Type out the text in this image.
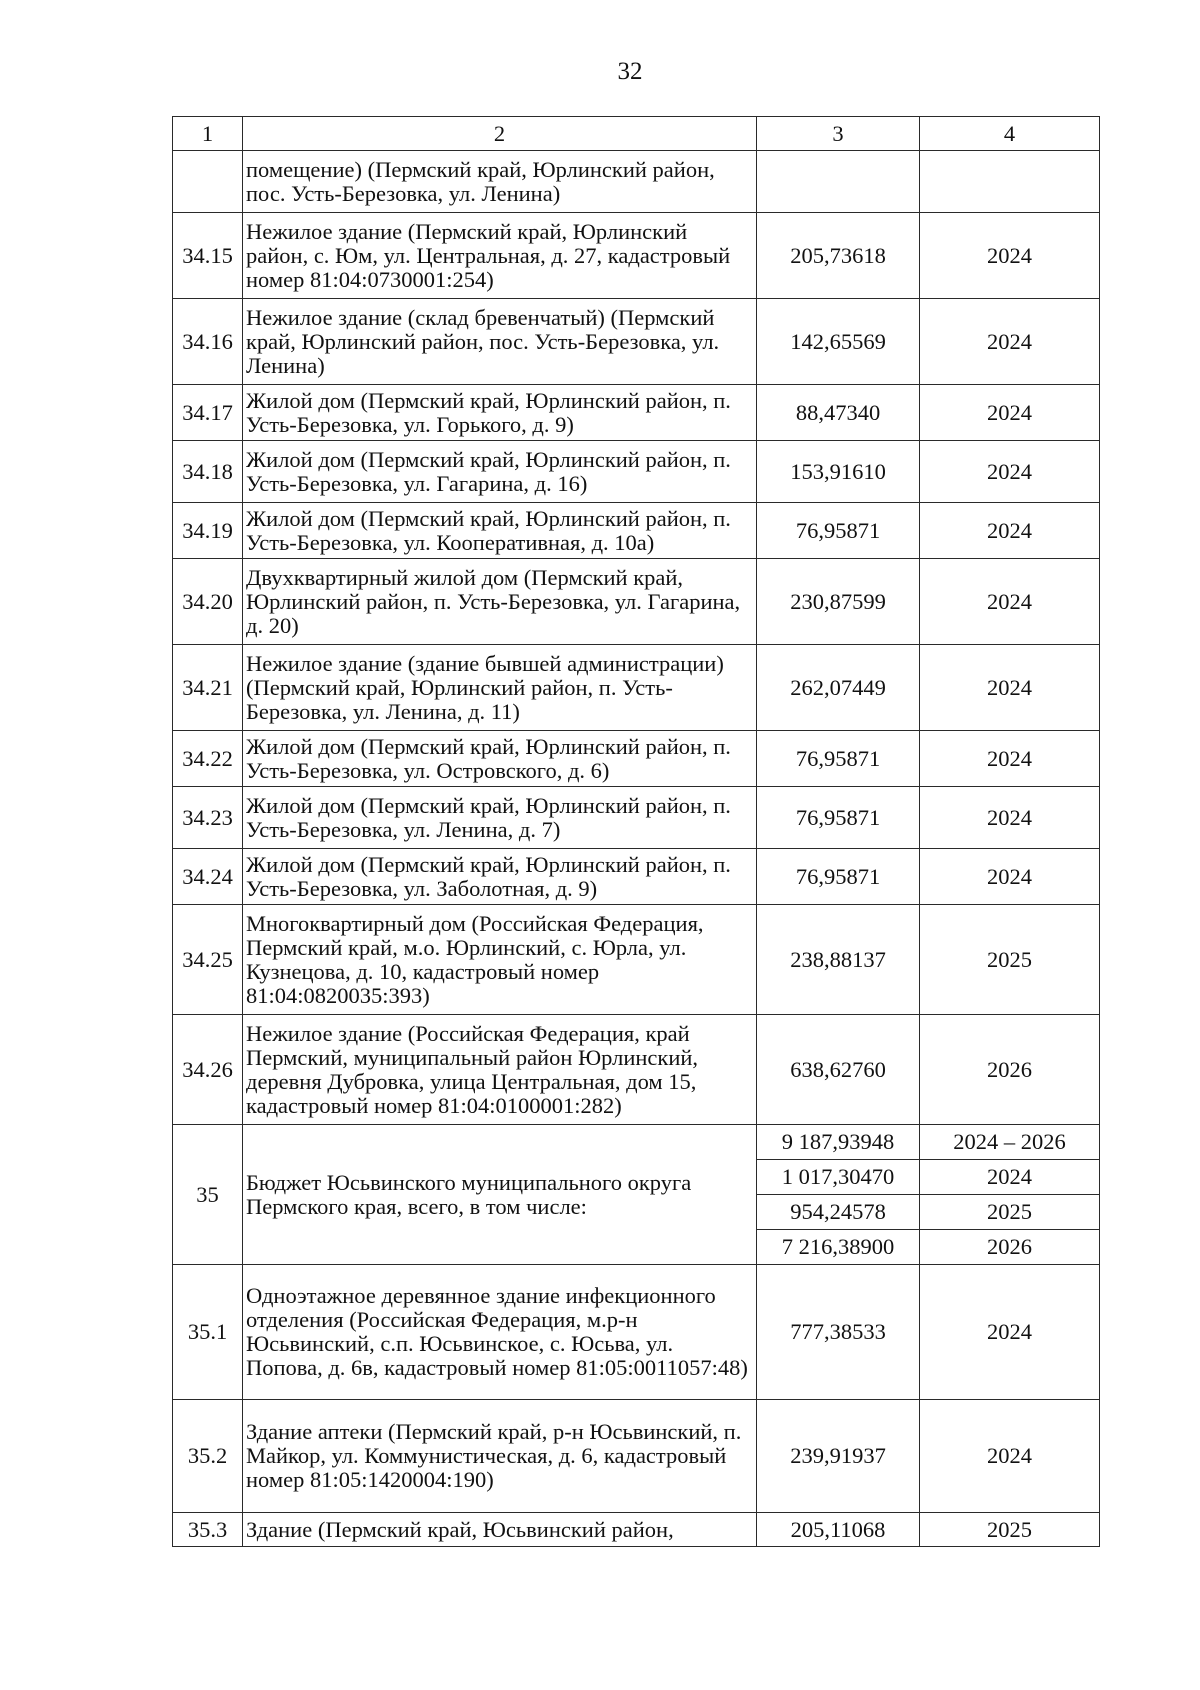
32
1	2	3	4
	помещение) (Пермский край, Юрлинский район, пос. Усть-Березовка, ул. Ленина)		
34.15	Нежилое здание (Пермский край, Юрлинский район, с. Юм, ул. Центральная, д. 27, кадастровый номер 81:04:0730001:254)	205,73618	2024
34.16	Нежилое здание (склад бревенчатый) (Пермский край, Юрлинский район, пос. Усть-Березовка, ул. Ленина)	142,65569	2024
34.17	Жилой дом (Пермский край, Юрлинский район, п. Усть-Березовка, ул. Горького, д. 9)	88,47340	2024
34.18	Жилой дом (Пермский край, Юрлинский район, п. Усть-Березовка, ул. Гагарина, д. 16)	153,91610	2024
34.19	Жилой дом (Пермский край, Юрлинский район, п. Усть-Березовка, ул. Кооперативная, д. 10а)	76,95871	2024
34.20	Двухквартирный жилой дом (Пермский край, Юрлинский район, п. Усть-Березовка, ул. Гагарина, д. 20)	230,87599	2024
34.21	Нежилое здание (здание бывшей администрации) (Пермский край, Юрлинский район, п. Усть-Березовка, ул. Ленина, д. 11)	262,07449	2024
34.22	Жилой дом (Пермский край, Юрлинский район, п. Усть-Березовка, ул. Островского, д. 6)	76,95871	2024
34.23	Жилой дом (Пермский край, Юрлинский район, п. Усть-Березовка, ул. Ленина, д. 7)	76,95871	2024
34.24	Жилой дом (Пермский край, Юрлинский район, п. Усть-Березовка, ул. Заболотная, д. 9)	76,95871	2024
34.25	Многоквартирный дом (Российская Федерация, Пермский край, м.о. Юрлинский, с. Юрла, ул. Кузнецова, д. 10, кадастровый номер 81:04:0820035:393)	238,88137	2025
34.26	Нежилое здание (Российская Федерация, край Пермский, муниципальный район Юрлинский, деревня Дубровка, улица Центральная, дом 15, кадастровый номер 81:04:0100001:282)	638,62760	2026
35	Бюджет Юсьвинского муниципального округа Пермского края, всего, в том числе:	9 187,93948	2024 – 2026
		1 017,30470	2024
		954,24578	2025
		7 216,38900	2026
35.1	Одноэтажное деревянное здание инфекционного отделения (Российская Федерация, м.р-н Юсьвинский, с.п. Юсьвинское, с. Юсьва, ул. Попова, д. 6в, кадастровый номер 81:05:0011057:48)	777,38533	2024
35.2	Здание аптеки (Пермский край, р-н Юсьвинский, п. Майкор, ул. Коммунистическая, д. 6, кадастровый номер 81:05:1420004:190)	239,91937	2024
35.3	Здание (Пермский край, Юсьвинский район,	205,11068	2025
